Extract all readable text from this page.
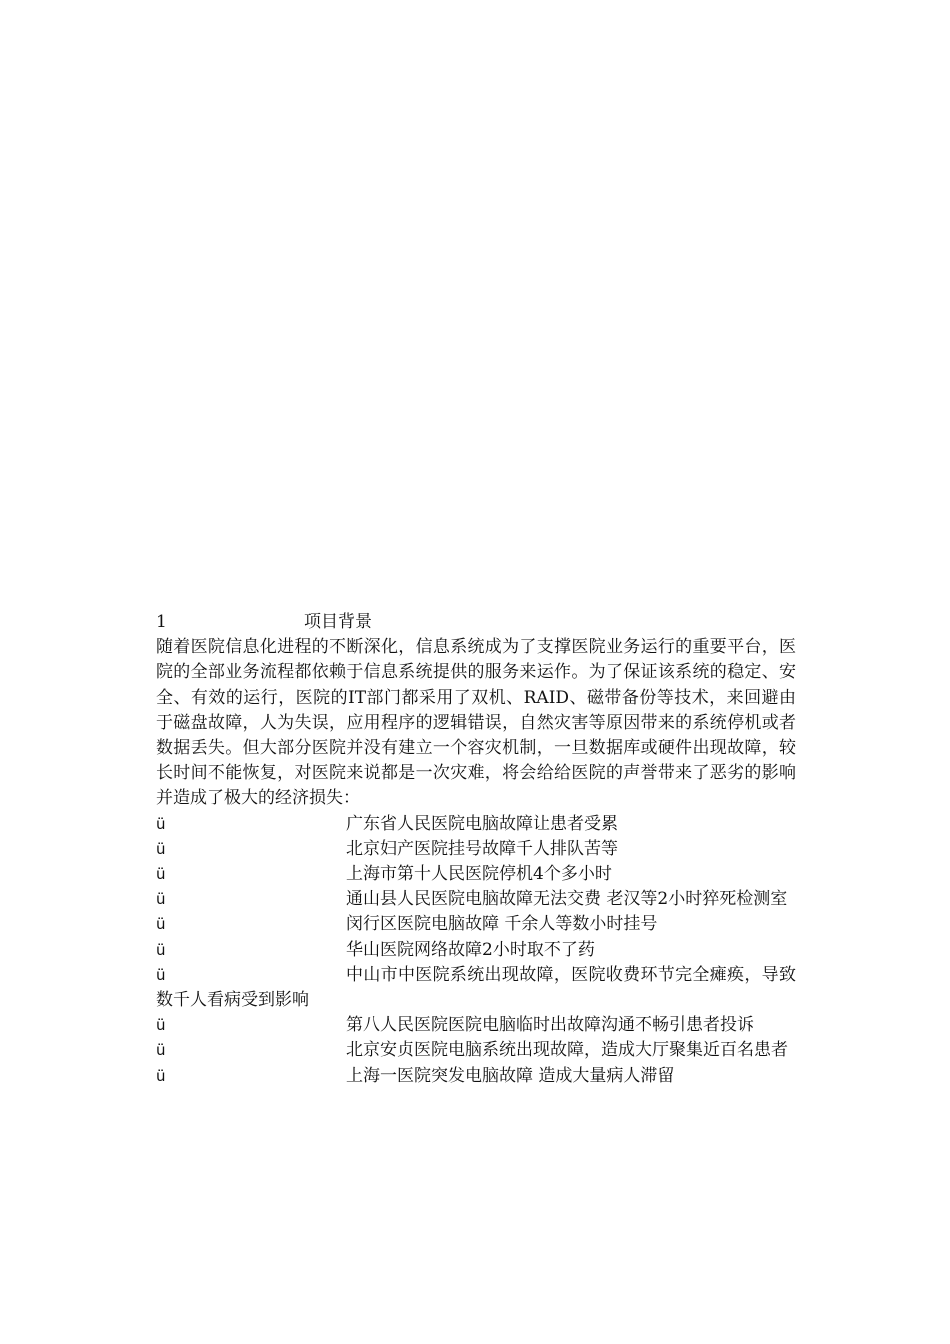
1	项目背景

随着医院信息化进程的不断深化，信息系统成为了支撑医院业务运行的重要平台，医院的全部业务流程都依赖于信息系统提供的服务来运作。为了保证该系统的稳定、安全、有效的运行，医院的IT部门都采用了双机、RAID、磁带备份等技术，来回避由于磁盘故障，人为失误，应用程序的逻辑错误，自然灾害等原因带来的系统停机或者数据丢失。但大部分医院并没有建立一个容灾机制，一旦数据库或硬件出现故障，较长时间不能恢复，对医院来说都是一次灾难，将会给给医院的声誉带来了恶劣的影响并造成了极大的经济损失：

ü	广东省人民医院电脑故障让患者受累
ü	北京妇产医院挂号故障千人排队苦等
ü	上海市第十人民医院停机4个多小时
ü	通山县人民医院电脑故障无法交费 老汉等2小时猝死检测室
ü	闵行区医院电脑故障 千余人等数小时挂号
ü	华山医院网络故障2小时取不了药
ü	中山市中医院系统出现故障，医院收费环节完全瘫痪，导致数千人看病受到影响
ü	第八人民医院医院电脑临时出故障沟通不畅引患者投诉
ü	北京安贞医院电脑系统出现故障，造成大厅聚集近百名患者
ü	上海一医院突发电脑故障 造成大量病人滞留
